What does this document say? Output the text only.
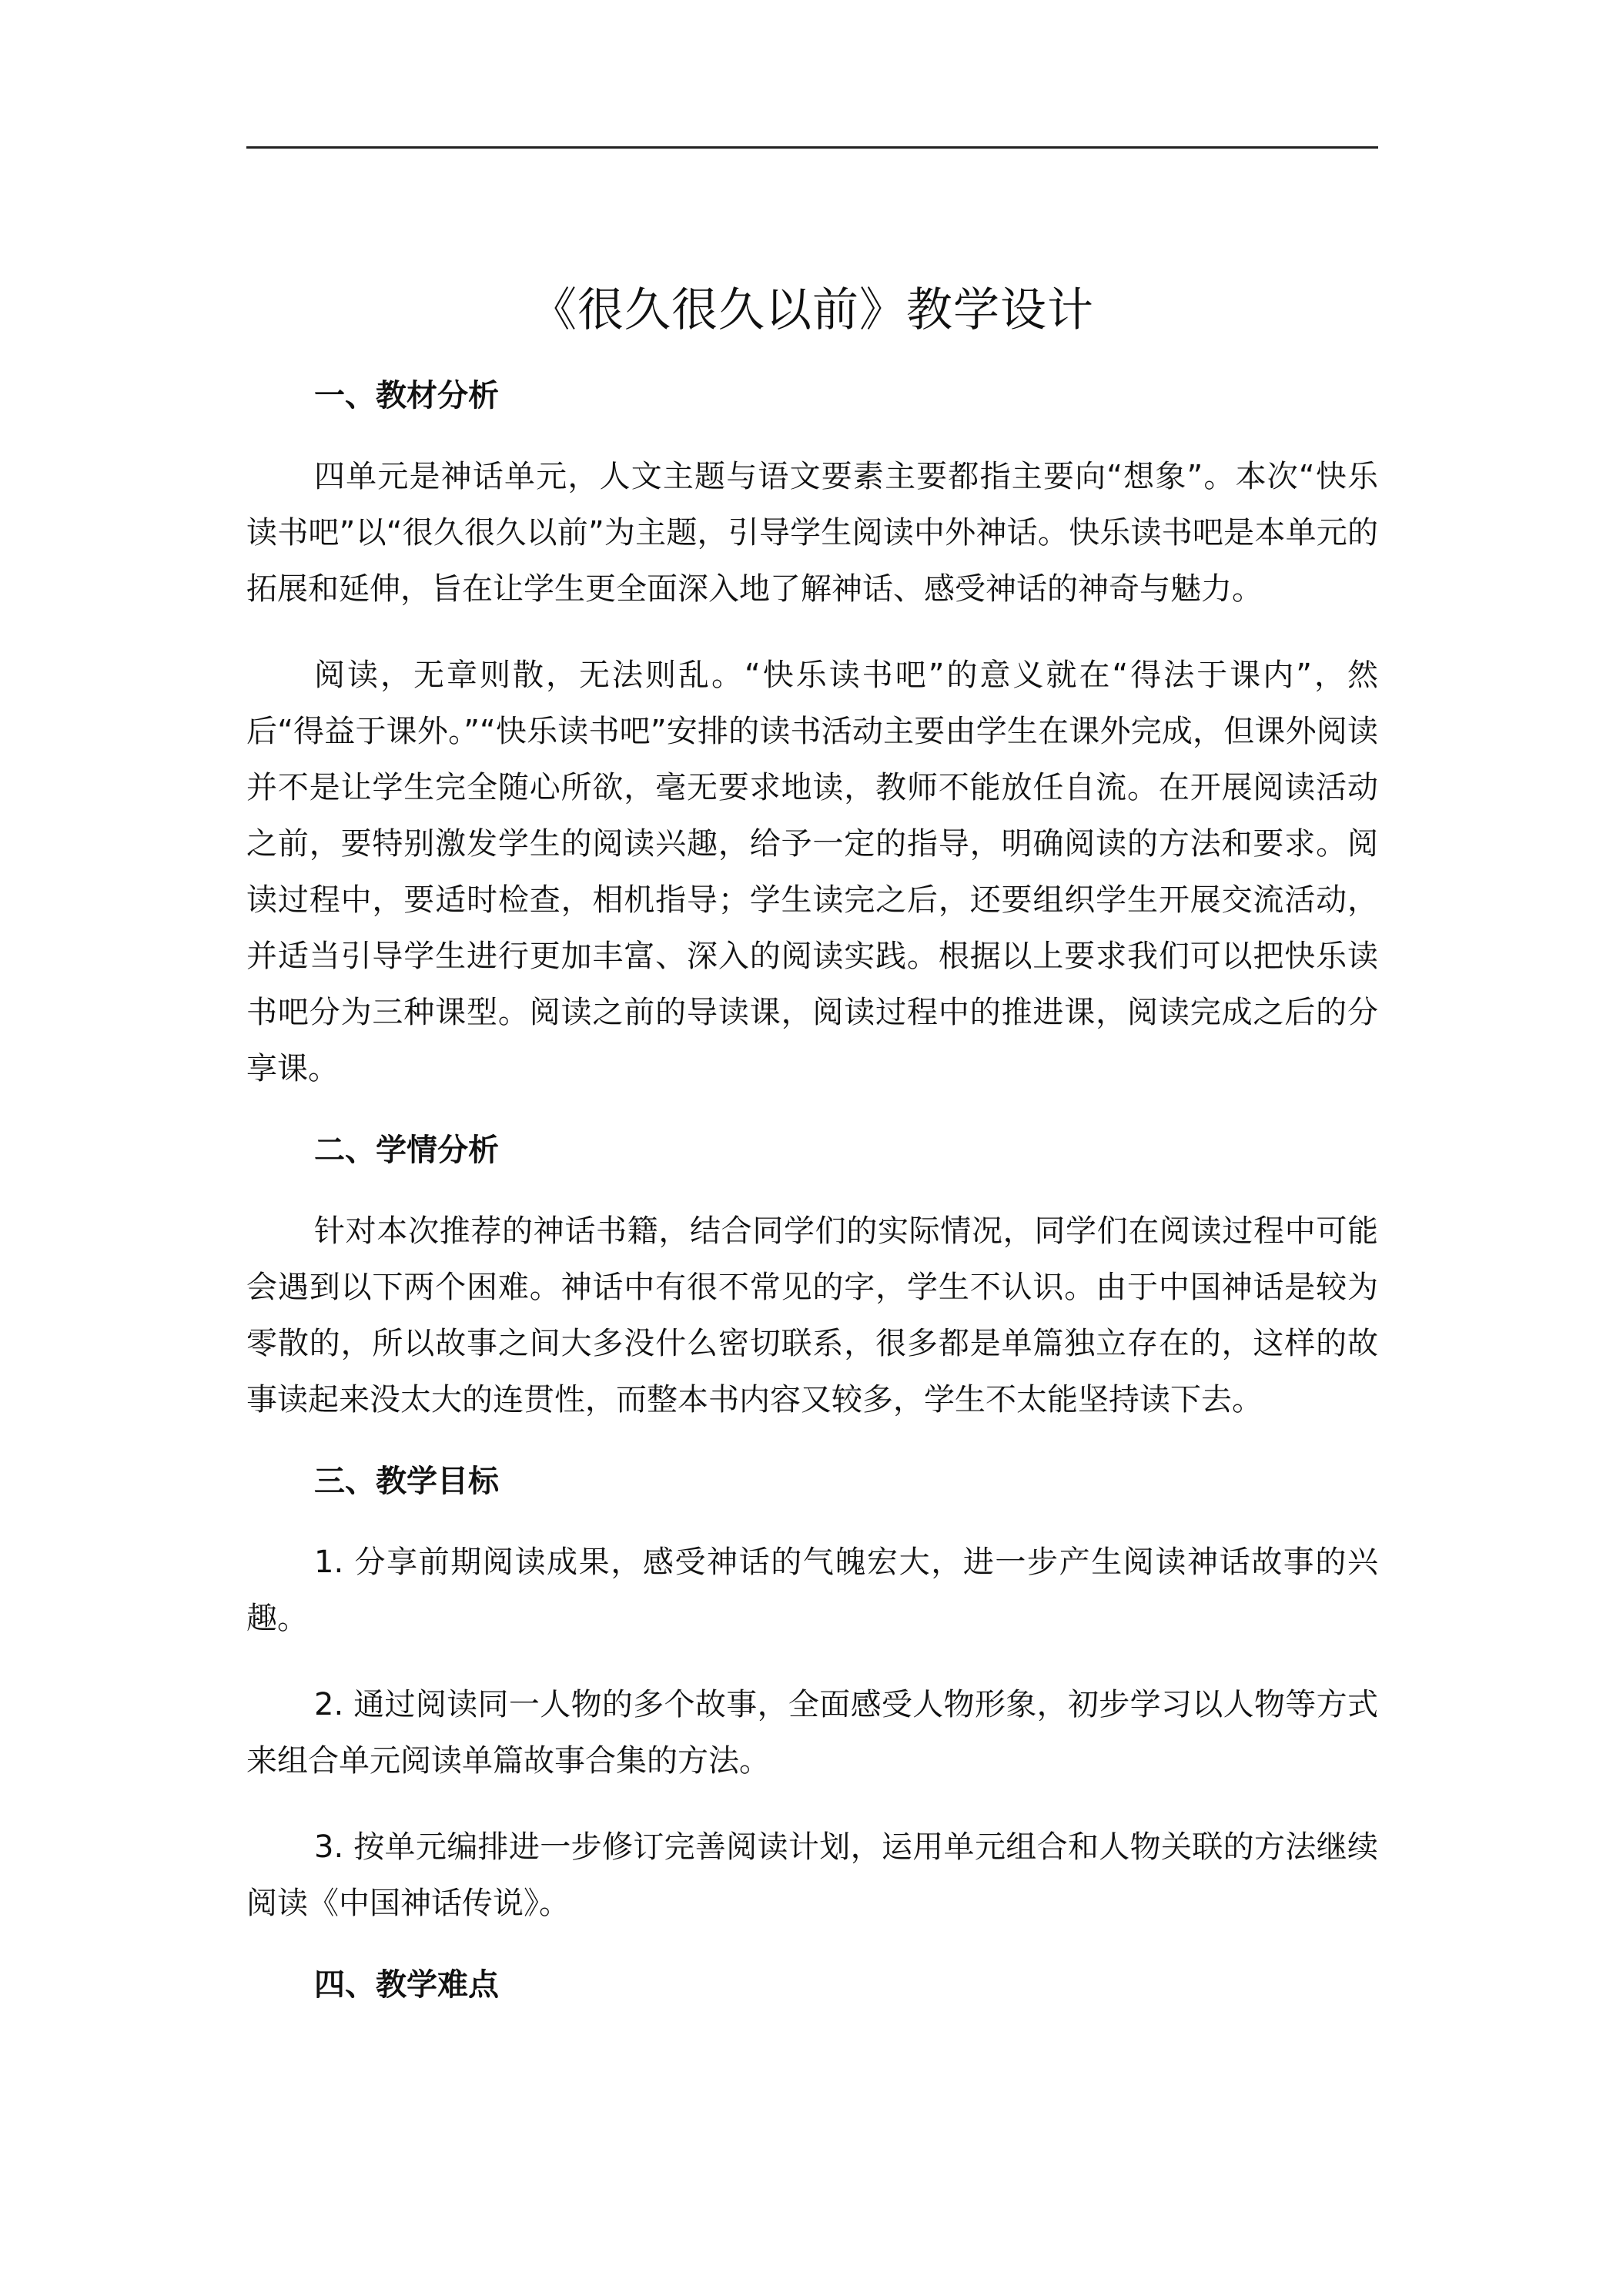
《很久很久以前》教学设计
一、教材分析

四单元是神话单元，人文主题与语文要素主要都指主要向“想象”。本次“快乐读书吧”以“很久很久以前”为主题，引导学生阅读中外神话。快乐读书吧是本单元的拓展和延伸，旨在让学生更全面深入地了解神话、感受神话的神奇与魅力。

阅读，无章则散，无法则乱。“快乐读书吧”的意义就在“得法于课内”，然后“得益于课外。”“快乐读书吧”安排的读书活动主要由学生在课外完成，但课外阅读并不是让学生完全随心所欲，毫无要求地读，教师不能放任自流。在开展阅读活动之前，要特别激发学生的阅读兴趣，给予一定的指导，明确阅读的方法和要求。阅读过程中，要适时检查，相机指导；学生读完之后，还要组织学生开展交流活动，并适当引导学生进行更加丰富、深入的阅读实践。根据以上要求我们可以把快乐读书吧分为三种课型。阅读之前的导读课，阅读过程中的推进课，阅读完成之后的分享课。

二、学情分析

针对本次推荐的神话书籍，结合同学们的实际情况，同学们在阅读过程中可能会遇到以下两个困难。神话中有很不常见的字，学生不认识。由于中国神话是较为零散的，所以故事之间大多没什么密切联系，很多都是单篇独立存在的，这样的故事读起来没太大的连贯性，而整本书内容又较多，学生不太能坚持读下去。

三、教学目标

1. 分享前期阅读成果，感受神话的气魄宏大，进一步产生阅读神话故事的兴趣。

2. 通过阅读同一人物的多个故事，全面感受人物形象，初步学习以人物等方式来组合单元阅读单篇故事合集的方法。

3. 按单元编排进一步修订完善阅读计划，运用单元组合和人物关联的方法继续阅读《中国神话传说》。

四、教学难点
